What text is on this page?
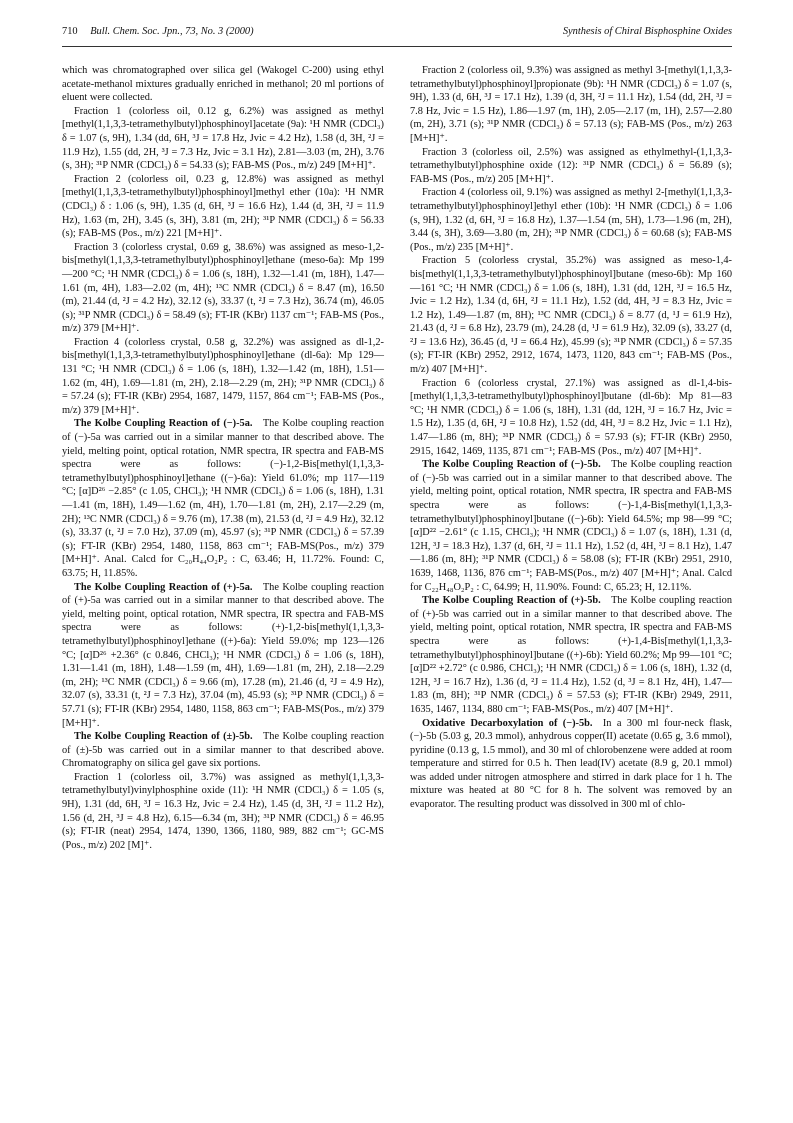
710 Bull. Chem. Soc. Jpn., 73, No. 3 (2000)	Synthesis of Chiral Bisphosphine Oxides

which was chromatographed over silica gel (Wakogel C-200) using ethyl acetate-methanol mixtures gradually enriched in methanol; 20 ml portions of eluent were collected.

Fraction 1 (colorless oil, 0.12 g, 6.2%) was assigned as methyl [methyl(1,1,3,3-tetramethylbutyl)phosphinoyl]acetate (9a): ¹H NMR (CDCl₃) δ = 1.07 (s, 9H), 1.34 (dd, 6H, ³J = 17.8 Hz, Jvic = 4.2 Hz), 1.58 (d, 3H, ²J = 11.9 Hz), 1.55 (dd, 2H, ³J = 7.3 Hz, Jvic = 3.1 Hz), 2.81—3.03 (m, 2H), 3.76 (s, 3H); ³¹P NMR (CDCl₃) δ = 54.33 (s); FAB-MS (Pos., m/z) 249 [M+H]⁺.

Fraction 2 (colorless oil, 0.23 g, 12.8%) was assigned as methyl [methyl(1,1,3,3-tetramethylbutyl)phosphinoyl]methyl ether (10a): ¹H NMR (CDCl₃) δ : 1.06 (s, 9H), 1.35 (d, 6H, ³J = 16.6 Hz), 1.44 (d, 3H, ²J = 11.9 Hz), 1.63 (m, 2H), 3.45 (s, 3H), 3.81 (m, 2H); ³¹P NMR (CDCl₃) δ = 56.33 (s); FAB-MS (Pos., m/z) 221 [M+H]⁺.

Fraction 3 (colorless crystal, 0.69 g, 38.6%) was assigned as meso-1,2-bis[methyl(1,1,3,3-tetramethylbutyl)phosphinoyl]ethane (meso-6a): Mp 199—200 °C; ¹H NMR (CDCl₃) δ = 1.06 (s, 18H), 1.32—1.41 (m, 18H), 1.47—1.61 (m, 4H), 1.83—2.02 (m, 4H); ¹³C NMR (CDCl₃) δ = 8.47 (m), 16.50 (m), 21.44 (d, ²J = 4.2 Hz), 32.12 (s), 33.37 (t, ²J = 7.3 Hz), 36.74 (m), 46.05 (s); ³¹P NMR (CDCl₃) δ = 58.49 (s); FT-IR (KBr) 1137 cm⁻¹; FAB-MS (Pos., m/z) 379 [M+H]⁺.

Fraction 4 (colorless crystal, 0.58 g, 32.2%) was assigned as dl-1,2-bis[methyl(1,1,3,3-tetramethylbutyl)phosphinoyl]ethane (dl-6a): Mp 129—131 °C; ¹H NMR (CDCl₃) δ = 1.06 (s, 18H), 1.32—1.42 (m, 18H), 1.51—1.62 (m, 4H), 1.69—1.81 (m, 2H), 2.18—2.29 (m, 2H); ³¹P NMR (CDCl₃) δ = 57.24 (s); FT-IR (KBr) 2954, 1687, 1479, 1157, 864 cm⁻¹; FAB-MS (Pos., m/z) 379 [M+H]⁺.

The Kolbe Coupling Reaction of (−)-5a.  The Kolbe coupling reaction of (−)-5a was carried out in a similar manner to that described above. The yield, melting point, optical rotation, NMR spectra, IR spectra and FAB-MS spectra were as follows: (−)-1,2-Bis[methyl(1,1,3,3-tetramethylbutyl)phosphinoyl]ethane ((−)-6a): Yield 61.0%; mp 117—119 °C; [α]D²⁶ −2.85° (c 1.05, CHCl₃); ¹H NMR (CDCl₃) δ = 1.06 (s, 18H), 1.31—1.41 (m, 18H), 1.49—1.62 (m, 4H), 1.70—1.81 (m, 2H), 2.17—2.29 (m, 2H); ¹³C NMR (CDCl₃) δ = 9.76 (m), 17.38 (m), 21.53 (d, ²J = 4.9 Hz), 32.12 (s), 33.37 (t, ²J = 7.0 Hz), 37.09 (m), 45.97 (s); ³¹P NMR (CDCl₃) δ = 57.39 (s); FT-IR (KBr) 2954, 1480, 1158, 863 cm⁻¹; FAB-MS(Pos., m/z) 379 [M+H]⁺. Anal. Calcd for C₂₀H₄₄O₂P₂ : C, 63.46; H, 11.72%. Found: C, 63.75; H, 11.85%.

The Kolbe Coupling Reaction of (+)-5a.  The Kolbe coupling reaction of (+)-5a was carried out in a similar manner to that described above. The yield, melting point, optical rotation, NMR spectra, IR spectra and FAB-MS spectra were as follows: (+)-1,2-bis[methyl(1,1,3,3-tetramethylbutyl)phosphinoyl]ethane ((+)-6a): Yield 59.0%; mp 123—126 °C; [α]D²⁶ +2.36° (c 0.846, CHCl₃); ¹H NMR (CDCl₃) δ = 1.06 (s, 18H), 1.31—1.41 (m, 18H), 1.48—1.59 (m, 4H), 1.69—1.81 (m, 2H), 2.18—2.29 (m, 2H); ¹³C NMR (CDCl₃) δ = 9.66 (m), 17.28 (m), 21.46 (d, ²J = 4.9 Hz), 32.07 (s), 33.31 (t, ²J = 7.3 Hz), 37.04 (m), 45.93 (s); ³¹P NMR (CDCl₃) δ = 57.71 (s); FT-IR (KBr) 2954, 1480, 1158, 863 cm⁻¹; FAB-MS(Pos., m/z) 379 [M+H]⁺.

The Kolbe Coupling Reaction of (±)-5b.  The Kolbe coupling reaction of (±)-5b was carried out in a similar manner to that described above. Chromatography on silica gel gave six portions.

Fraction 1 (colorless oil, 3.7%) was assigned as methyl(1,1,3,3-tetramethylbutyl)vinylphosphine oxide (11): ¹H NMR (CDCl₃) δ = 1.05 (s, 9H), 1.31 (dd, 6H, ³J = 16.3 Hz, Jvic = 2.4 Hz), 1.45 (d, 3H, ²J = 11.2 Hz), 1.56 (d, 2H, ³J = 4.8 Hz), 6.15—6.34 (m, 3H); ³¹P NMR (CDCl₃) δ = 46.95 (s); FT-IR (neat) 2954, 1474, 1390, 1366, 1180, 989, 882 cm⁻¹; GC-MS (Pos., m/z) 202 [M]⁺.

Fraction 2 (colorless oil, 9.3%) was assigned as methyl 3-[methyl(1,1,3,3-tetramethylbutyl)phosphinoyl]propionate (9b): ¹H NMR (CDCl₃) δ = 1.07 (s, 9H), 1.33 (d, 6H, ³J = 17.1 Hz), 1.39 (d, 3H, ²J = 11.1 Hz), 1.54 (dd, 2H, ³J = 7.8 Hz, Jvic = 1.5 Hz), 1.86—1.97 (m, 1H), 2.05—2.17 (m, 1H), 2.57—2.80 (m, 2H), 3.71 (s); ³¹P NMR (CDCl₃) δ = 57.13 (s); FAB-MS (Pos., m/z) 263 [M+H]⁺.

Fraction 3 (colorless oil, 2.5%) was assigned as ethylmethyl-(1,1,3,3-tetramethylbutyl)phosphine oxide (12): ³¹P NMR (CDCl₃) δ = 56.89 (s); FAB-MS (Pos., m/z) 205 [M+H]⁺.

Fraction 4 (colorless oil, 9.1%) was assigned as methyl 2-[methyl(1,1,3,3-tetramethylbutyl)phosphinoyl]ethyl ether (10b): ¹H NMR (CDCl₃) δ = 1.06 (s, 9H), 1.32 (d, 6H, ³J = 16.8 Hz), 1.37—1.54 (m, 5H), 1.73—1.96 (m, 2H), 3.44 (s, 3H), 3.69—3.80 (m, 2H); ³¹P NMR (CDCl₃) δ = 60.68 (s); FAB-MS (Pos., m/z) 235 [M+H]⁺.

Fraction 5 (colorless crystal, 35.2%) was assigned as meso-1,4-bis[methyl(1,1,3,3-tetramethylbutyl)phosphinoyl]butane (meso-6b): Mp 160—161 °C; ¹H NMR (CDCl₃) δ = 1.06 (s, 18H), 1.31 (dd, 12H, ³J = 16.5 Hz, Jvic = 1.2 Hz), 1.34 (d, 6H, ²J = 11.1 Hz), 1.52 (dd, 4H, ³J = 8.3 Hz, Jvic = 1.2 Hz), 1.49—1.87 (m, 8H); ¹³C NMR (CDCl₃) δ = 8.77 (d, ¹J = 61.9 Hz), 21.43 (d, ²J = 6.8 Hz), 23.79 (m), 24.28 (d, ¹J = 61.9 Hz), 32.09 (s), 33.27 (d, ²J = 13.6 Hz), 36.45 (d, ¹J = 66.4 Hz), 45.99 (s); ³¹P NMR (CDCl₃) δ = 57.35 (s); FT-IR (KBr) 2952, 2912, 1674, 1473, 1120, 843 cm⁻¹; FAB-MS (Pos., m/z) 407 [M+H]⁺.

Fraction 6 (colorless crystal, 27.1%) was assigned as dl-1,4-bis-[methyl(1,1,3,3-tetramethylbutyl)phosphinoyl]butane (dl-6b): Mp 81—83 °C; ¹H NMR (CDCl₃) δ = 1.06 (s, 18H), 1.31 (dd, 12H, ³J = 16.7 Hz, Jvic = 1.5 Hz), 1.35 (d, 6H, ²J = 10.8 Hz), 1.52 (dd, 4H, ³J = 8.2 Hz, Jvic = 1.1 Hz), 1.47—1.86 (m, 8H); ³¹P NMR (CDCl₃) δ = 57.93 (s); FT-IR (KBr) 2950, 2915, 1642, 1469, 1135, 871 cm⁻¹; FAB-MS (Pos., m/z) 407 [M+H]⁺.

The Kolbe Coupling Reaction of (−)-5b.  The Kolbe coupling reaction of (−)-5b was carried out in a similar manner to that described above. The yield, melting point, optical rotation, NMR spectra, IR spectra and FAB-MS spectra were as follows: (−)-1,4-Bis[methyl(1,1,3,3-tetramethylbutyl)phosphinoyl]butane ((−)-6b): Yield 64.5%; mp 98—99 °C; [α]D²² −2.61° (c 1.15, CHCl₃); ¹H NMR (CDCl₃) δ = 1.07 (s, 18H), 1.31 (d, 12H, ³J = 18.3 Hz), 1.37 (d, 6H, ²J = 11.1 Hz), 1.52 (d, 4H, ³J = 8.1 Hz), 1.47—1.86 (m, 8H); ³¹P NMR (CDCl₃) δ = 58.08 (s); FT-IR (KBr) 2951, 2910, 1639, 1468, 1136, 876 cm⁻¹; FAB-MS(Pos., m/z) 407 [M+H]⁺; Anal. Calcd for C₂₂H₄₈O₂P₂ : C, 64.99; H, 11.90%. Found: C, 65.23; H, 12.11%.

The Kolbe Coupling Reaction of (+)-5b.  The Kolbe coupling reaction of (+)-5b was carried out in a similar manner to that described above. The yield, melting point, optical rotation, NMR spectra, IR spectra and FAB-MS spectra were as follows: (+)-1,4-Bis[methyl(1,1,3,3-tetramethylbutyl)phosphinoyl]butane ((+)-6b): Yield 60.2%; Mp 99—101 °C; [α]D²² +2.72° (c 0.986, CHCl₃); ¹H NMR (CDCl₃) δ = 1.06 (s, 18H), 1.32 (d, 12H, ³J = 16.7 Hz), 1.36 (d, ²J = 11.4 Hz), 1.52 (d, ³J = 8.1 Hz, 4H), 1.47—1.83 (m, 8H); ³¹P NMR (CDCl₃) δ = 57.53 (s); FT-IR (KBr) 2949, 2911, 1635, 1467, 1134, 880 cm⁻¹; FAB-MS(Pos., m/z) 407 [M+H]⁺.

Oxidative Decarboxylation of (−)-5b.  In a 300 ml four-neck flask, (−)-5b (5.03 g, 20.3 mmol), anhydrous copper(II) acetate (0.65 g, 3.6 mmol), pyridine (0.13 g, 1.5 mmol), and 30 ml of chlorobenzene were added at room temperature and stirred for 0.5 h. Then lead(IV) acetate (8.9 g, 20.1 mmol) was added under nitrogen atmosphere and stirred in dark place for 1 h. The mixture was heated at 80 °C for 8 h. The solvent was removed by an evaporator. The resulting product was dissolved in 300 ml of chlo-
